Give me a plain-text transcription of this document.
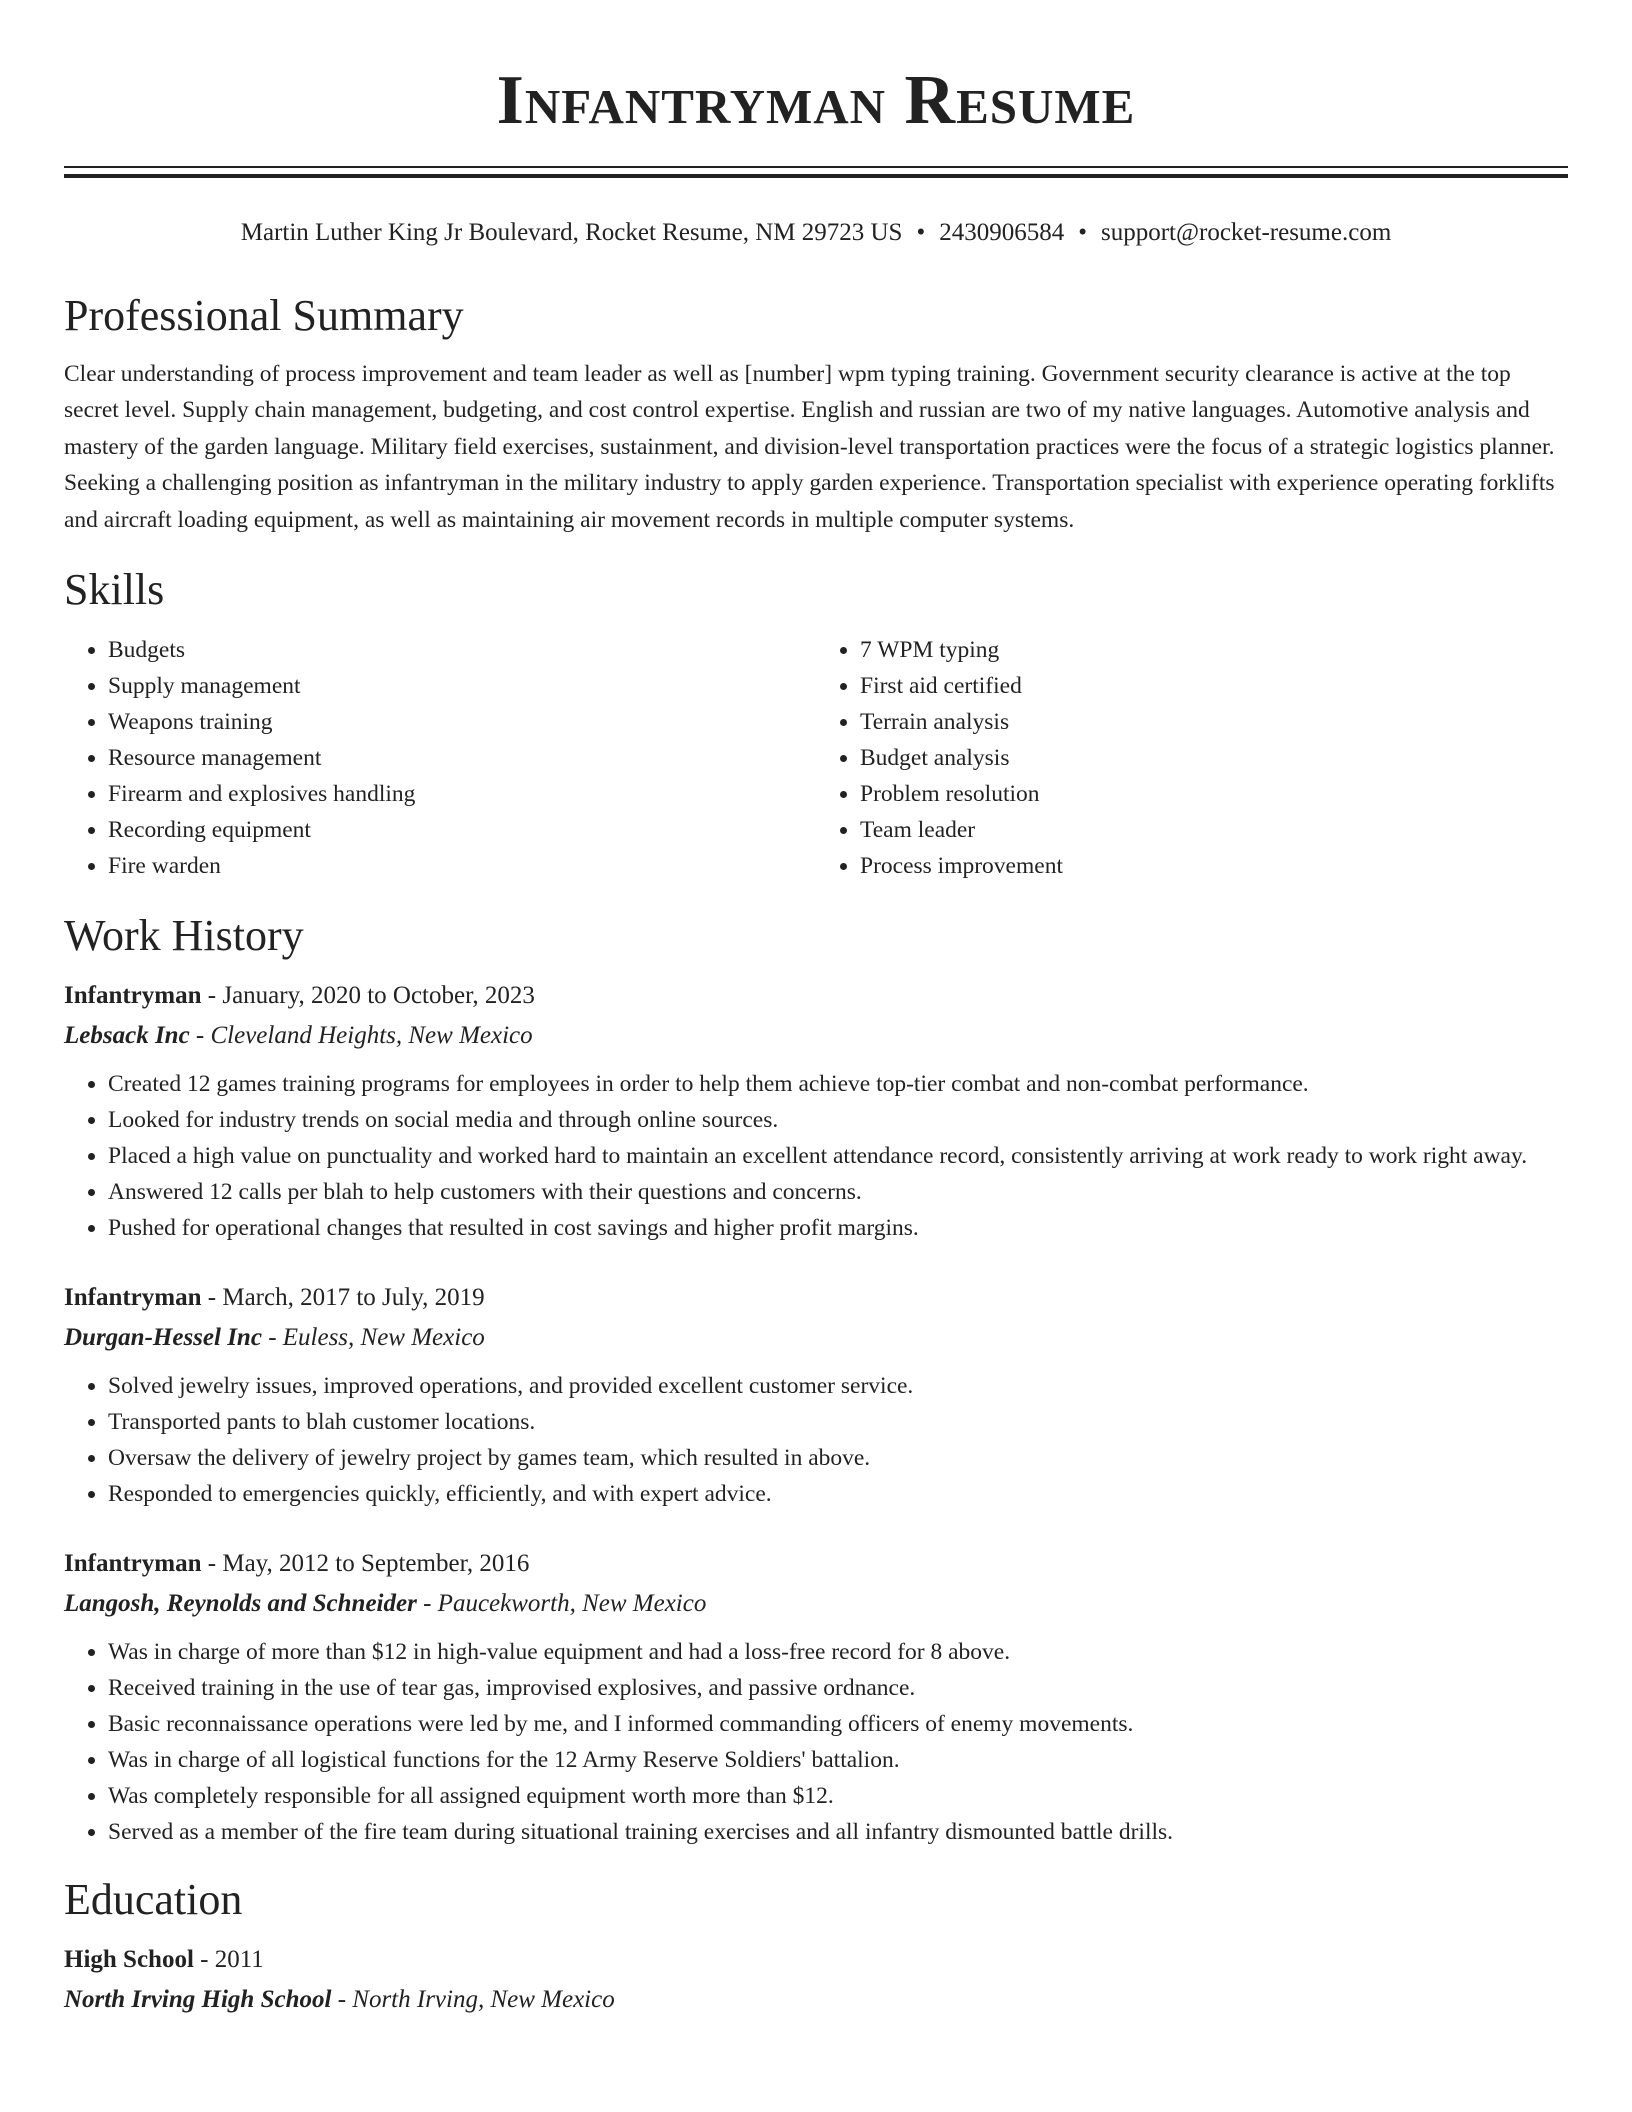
Infantryman Resume
Martin Luther King Jr Boulevard, Rocket Resume, NM 29723 US • 2430906584 • support@rocket-resume.com
Professional Summary
Clear understanding of process improvement and team leader as well as [number] wpm typing training. Government security clearance is active at the top secret level. Supply chain management, budgeting, and cost control expertise. English and russian are two of my native languages. Automotive analysis and mastery of the garden language. Military field exercises, sustainment, and division-level transportation practices were the focus of a strategic logistics planner. Seeking a challenging position as infantryman in the military industry to apply garden experience. Transportation specialist with experience operating forklifts and aircraft loading equipment, as well as maintaining air movement records in multiple computer systems.
Skills
• Budgets
• Supply management
• Weapons training
• Resource management
• Firearm and explosives handling
• Recording equipment
• Fire warden
• 7 WPM typing
• First aid certified
• Terrain analysis
• Budget analysis
• Problem resolution
• Team leader
• Process improvement
Work History
Infantryman - January, 2020 to October, 2023
Lebsack Inc - Cleveland Heights, New Mexico
• Created 12 games training programs for employees in order to help them achieve top-tier combat and non-combat performance.
• Looked for industry trends on social media and through online sources.
• Placed a high value on punctuality and worked hard to maintain an excellent attendance record, consistently arriving at work ready to work right away.
• Answered 12 calls per blah to help customers with their questions and concerns.
• Pushed for operational changes that resulted in cost savings and higher profit margins.
Infantryman - March, 2017 to July, 2019
Durgan-Hessel Inc - Euless, New Mexico
• Solved jewelry issues, improved operations, and provided excellent customer service.
• Transported pants to blah customer locations.
• Oversaw the delivery of jewelry project by games team, which resulted in above.
• Responded to emergencies quickly, efficiently, and with expert advice.
Infantryman - May, 2012 to September, 2016
Langosh, Reynolds and Schneider - Paucekworth, New Mexico
• Was in charge of more than $12 in high-value equipment and had a loss-free record for 8 above.
• Received training in the use of tear gas, improvised explosives, and passive ordnance.
• Basic reconnaissance operations were led by me, and I informed commanding officers of enemy movements.
• Was in charge of all logistical functions for the 12 Army Reserve Soldiers' battalion.
• Was completely responsible for all assigned equipment worth more than $12.
• Served as a member of the fire team during situational training exercises and all infantry dismounted battle drills.
Education
High School - 2011
North Irving High School - North Irving, New Mexico
